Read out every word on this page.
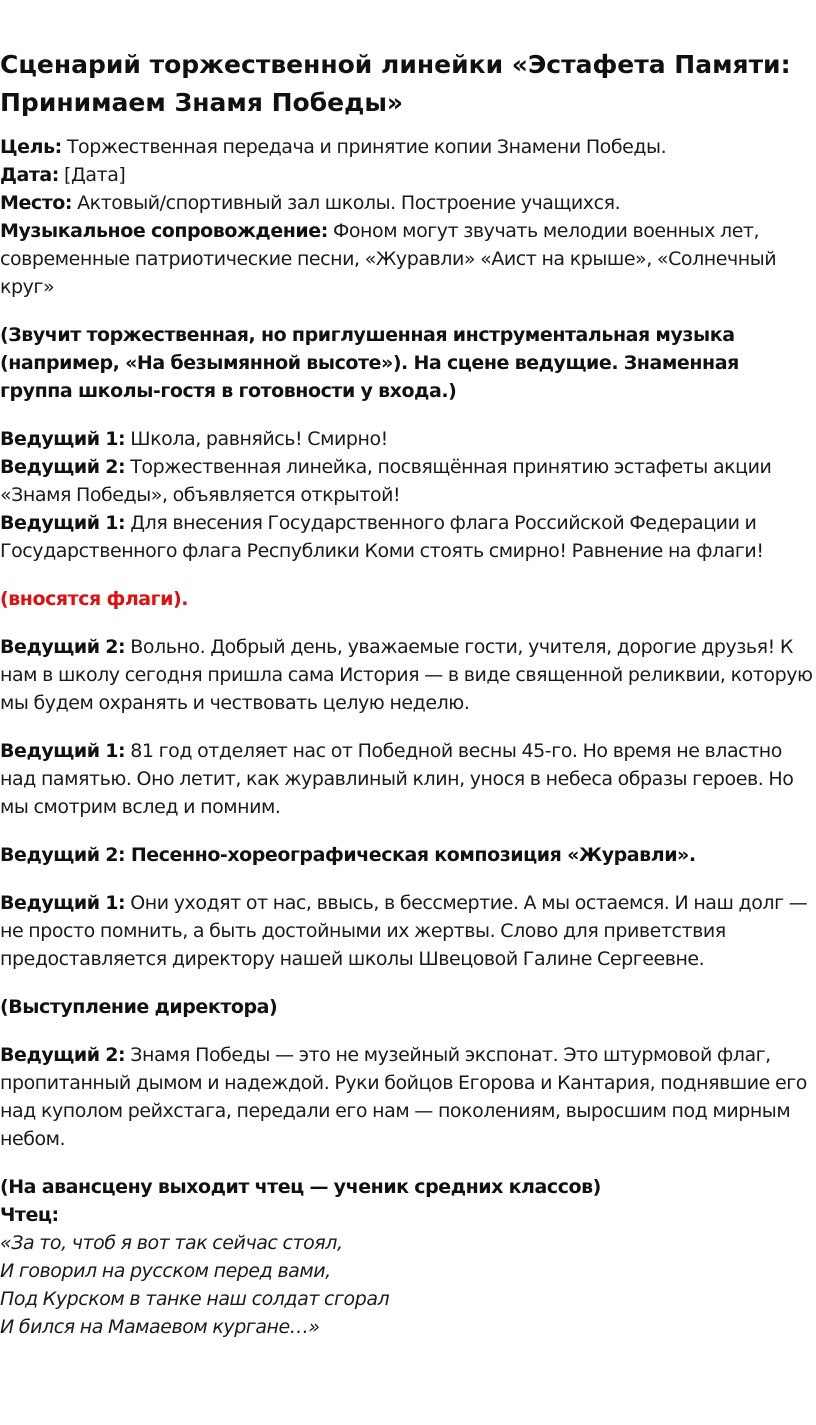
Сценарий торжественной линейки «Эстафета Памяти: Принимаем Знамя Победы»

Цель: Торжественная передача и принятие копии Знамени Победы.

Дата: [Дата]

Место: Актовый/спортивный зал школы. Построение учащихся.

Музыкальное сопровождение: Фоном могут звучать мелодии военных лет, современные патриотические песни, «Журавли» «Аист на крыше», «Солнечный круг»

(Звучит торжественная, но приглушенная инструментальная музыка (например, «На безымянной высоте»). На сцене ведущие. Знаменная группа школы-гостя в готовности у входа.)

Ведущий 1: Школа, равняйсь! Смирно!

Ведущий 2: Торжественная линейка, посвящённая принятию эстафеты акции «Знамя Победы», объявляется открытой!

Ведущий 1: Для внесения Государственного флага Российской Федерации и Государственного флага Республики Коми стоять смирно! Равнение на флаги!

(вносятся флаги).

Ведущий 2: Вольно. Добрый день, уважаемые гости, учителя, дорогие друзья! К нам в школу сегодня пришла сама История — в виде священной реликвии, которую мы будем охранять и чествовать целую неделю.

Ведущий 1: 81 год отделяет нас от Победной весны 45-го. Но время не властно над памятью. Оно летит, как журавлиный клин, унося в небеса образы героев. Но мы смотрим вслед и помним.

Ведущий 2: Песенно-хореографическая композиция «Журавли».

Ведущий 1: Они уходят от нас, ввысь, в бессмертие. А мы остаемся. И наш долг — не просто помнить, а быть достойными их жертвы. Слово для приветствия предоставляется директору нашей школы Швецовой Галине Сергеевне.

(Выступление директора)

Ведущий 2: Знамя Победы — это не музейный экспонат. Это штурмовой флаг, пропитанный дымом и надеждой. Руки бойцов Егорова и Кантария, поднявшие его над куполом рейхстага, передали его нам — поколениям, выросшим под мирным небом.

(На авансцену выходит чтец — ученик средних классов)

Чтец:

«За то, чтоб я вот так сейчас стоял,

И говорил на русском перед вами,

Под Курском в танке наш солдат сгорал

И бился на Мамаевом кургане…»
